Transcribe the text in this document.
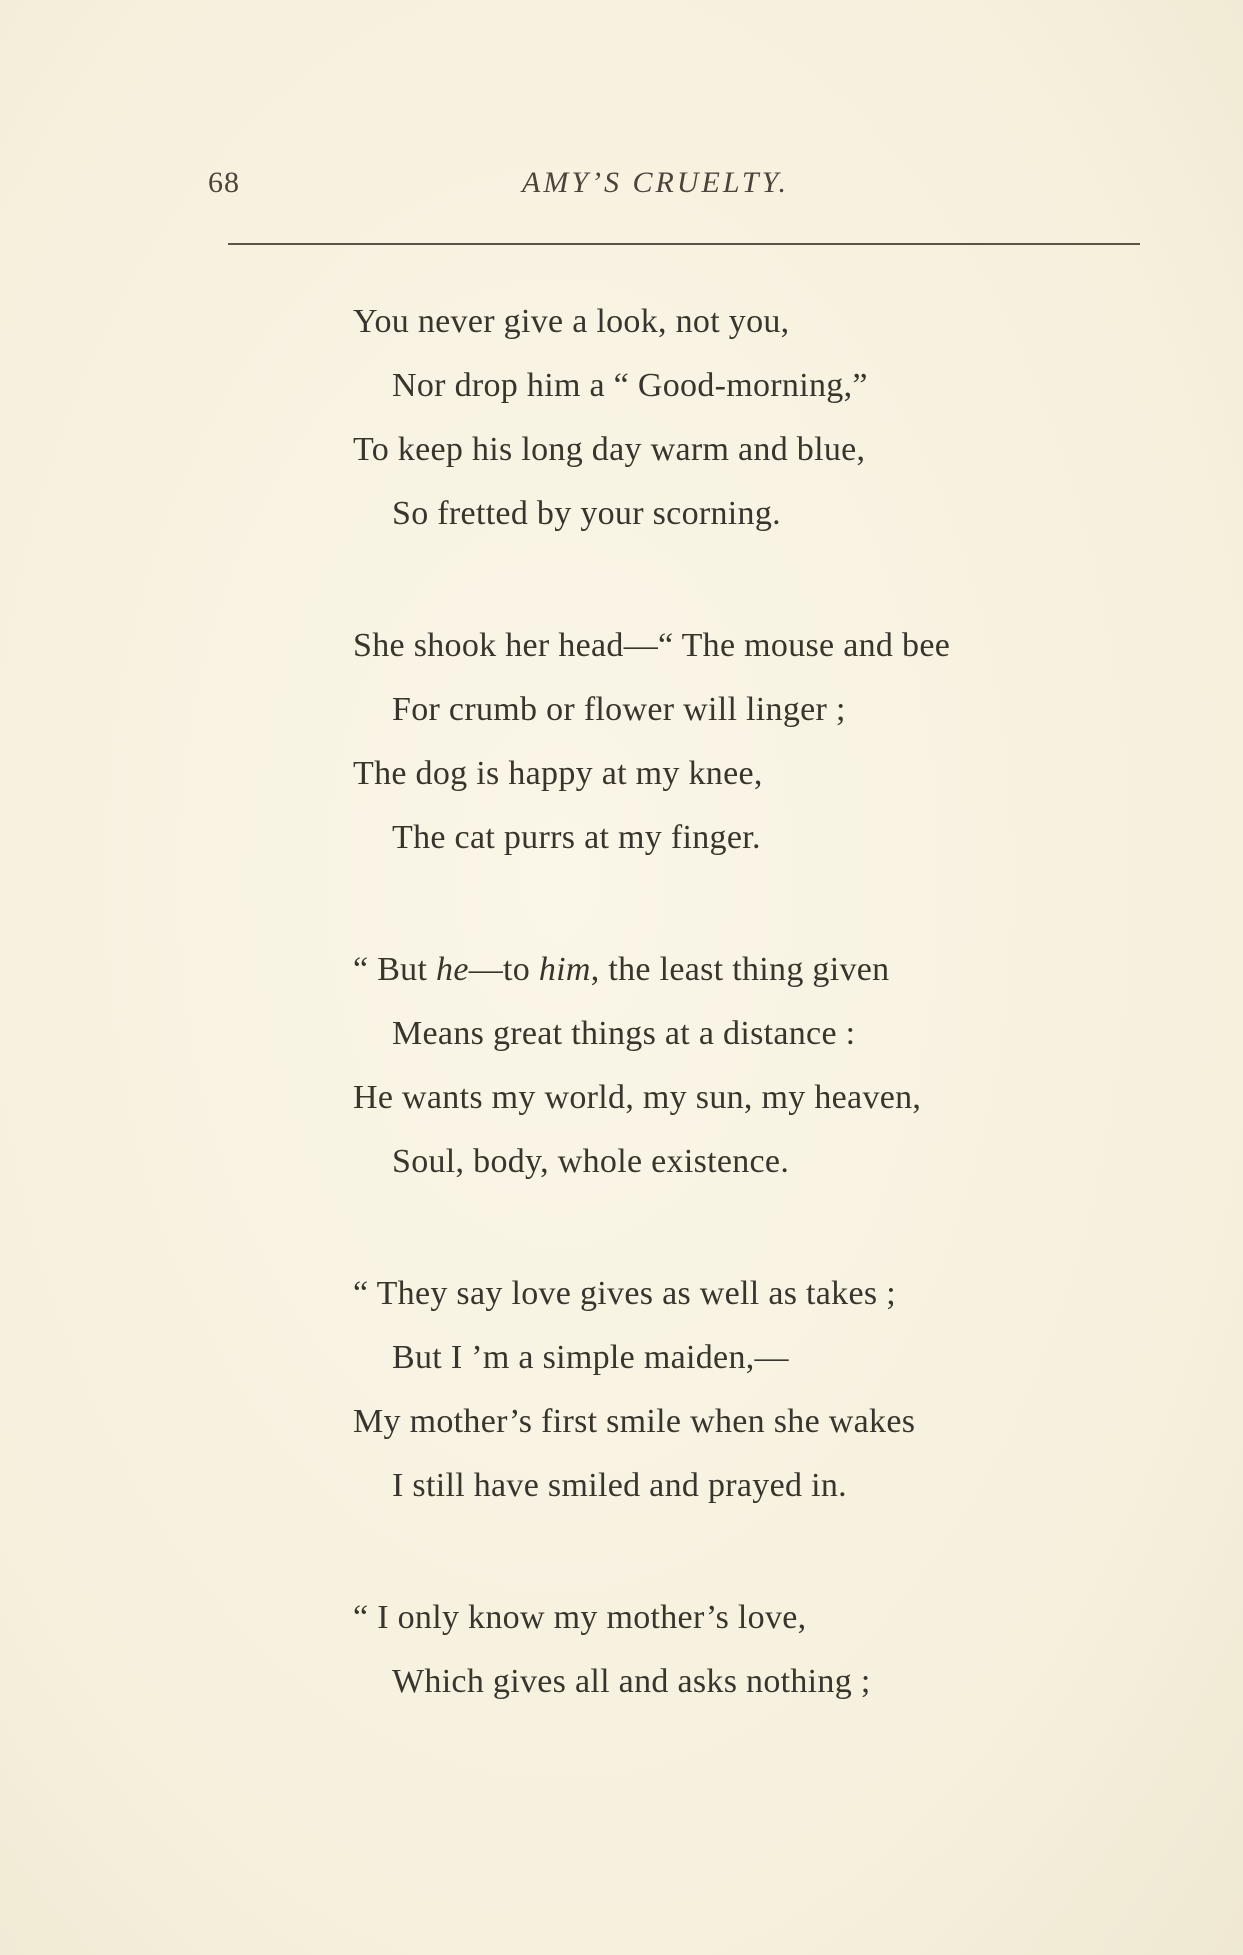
68	AMY’S CRUELTY.
You never give a look, not you,
Nor drop him a “ Good-morning,”
To keep his long day warm and blue,
So fretted by your scorning.
She shook her head—“ The mouse and bee
For crumb or flower will linger ;
The dog is happy at my knee,
The cat purrs at my finger.
“ But he—to him, the least thing given
Means great things at a distance :
He wants my world, my sun, my heaven,
Soul, body, whole existence.
“ They say love gives as well as takes ;
But I ’m a simple maiden,—
My mother’s first smile when she wakes
I still have smiled and prayed in.
“ I only know my mother’s love,
Which gives all and asks nothing ;
